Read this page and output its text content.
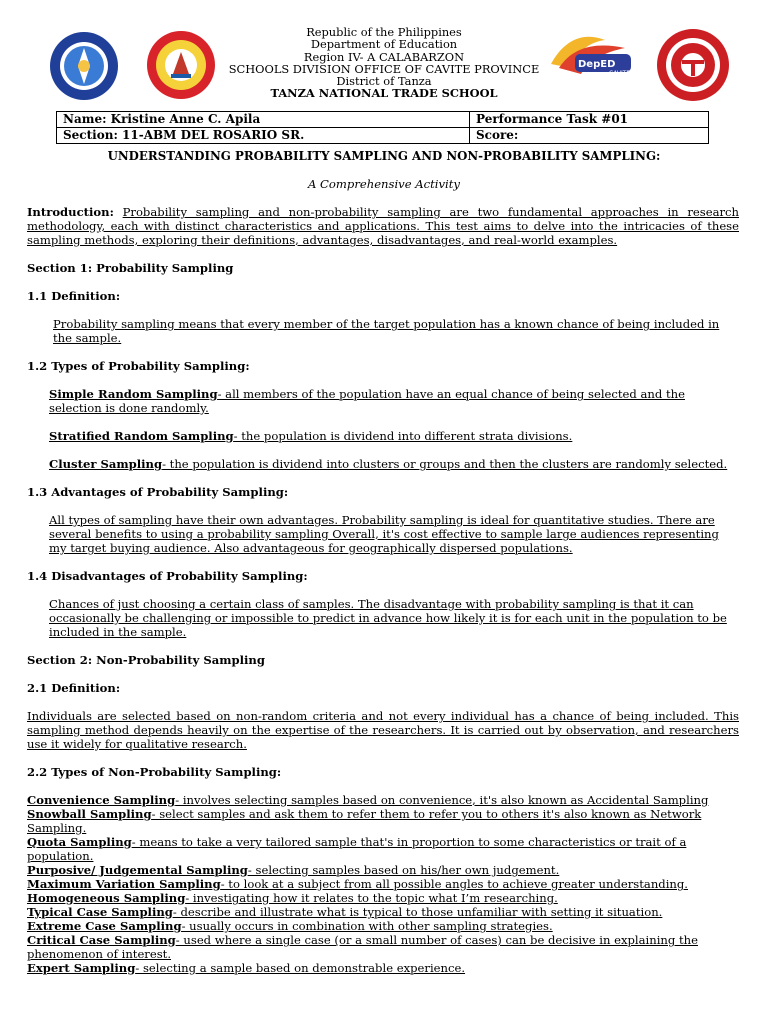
DepED
CAVITE
Republic of the Philippines
Department of Education
Region IV- A CALABARZON
SCHOOLS DIVISION OFFICE OF CAVITE PROVINCE
District of Tanza
TANZA NATIONAL TRADE SCHOOL
Name: Kristine Anne C. Apila	Performance Task #01
Section: 11-ABM DEL ROSARIO SR.	Score:
UNDERSTANDING PROBABILITY SAMPLING AND NON-PROBABILITY SAMPLING:
A Comprehensive Activity

Introduction: Probability sampling and non-probability sampling are two fundamental approaches in research methodology, each with distinct characteristics and applications. This test aims to delve into the intricacies of these sampling methods, exploring their definitions, advantages, disadvantages, and real-world examples.

Section 1: Probability Sampling

1.1 Definition:

Probability sampling means that every member of the target population has a known chance of being included in the sample.

1.2 Types of Probability Sampling:

Simple Random Sampling- all members of the population have an equal chance of being selected and the selection is done randomly.

Stratified Random Sampling- the population is dividend into different strata divisions.

Cluster Sampling- the population is dividend into clusters or groups and then the clusters are randomly selected.

1.3 Advantages of Probability Sampling:

All types of sampling have their own advantages. Probability sampling is ideal for quantitative studies. There are several benefits to using a probability sampling Overall, it's cost effective to sample large audiences representing my target buying audience. Also advantageous for geographically dispersed populations.

1.4 Disadvantages of Probability Sampling:

Chances of just choosing a certain class of samples. The disadvantage with probability sampling is that it can occasionally be challenging or impossible to predict in advance how likely it is for each unit in the population to be included in the sample.

Section 2: Non-Probability Sampling

2.1 Definition:

Individuals are selected based on non-random criteria and not every individual has a chance of being included. This sampling method depends heavily on the expertise of the researchers. It is carried out by observation, and researchers use it widely for qualitative research.

2.2 Types of Non-Probability Sampling:

Convenience Sampling- involves selecting samples based on convenience, it's also known as Accidental Sampling

Snowball Sampling- select samples and ask them to refer them to refer you to others it's also known as Network Sampling.

Quota Sampling- means to take a very tailored sample that's in proportion to some characteristics or trait of a population.

Purposive/ Judgemental Sampling- selecting samples based on his/her own judgement.

Maximum Variation Sampling- to look at a subject from all possible angles to achieve greater understanding.

Homogeneous Sampling- investigating how it relates to the topic what I’m researching.

Typical Case Sampling- describe and illustrate what is typical to those unfamiliar with setting it situation.

Extreme Case Sampling- usually occurs in combination with other sampling strategies.

Critical Case Sampling- used where a single case (or a small number of cases) can be decisive in explaining the phenomenon of interest.

Expert Sampling- selecting a sample based on demonstrable experience.
